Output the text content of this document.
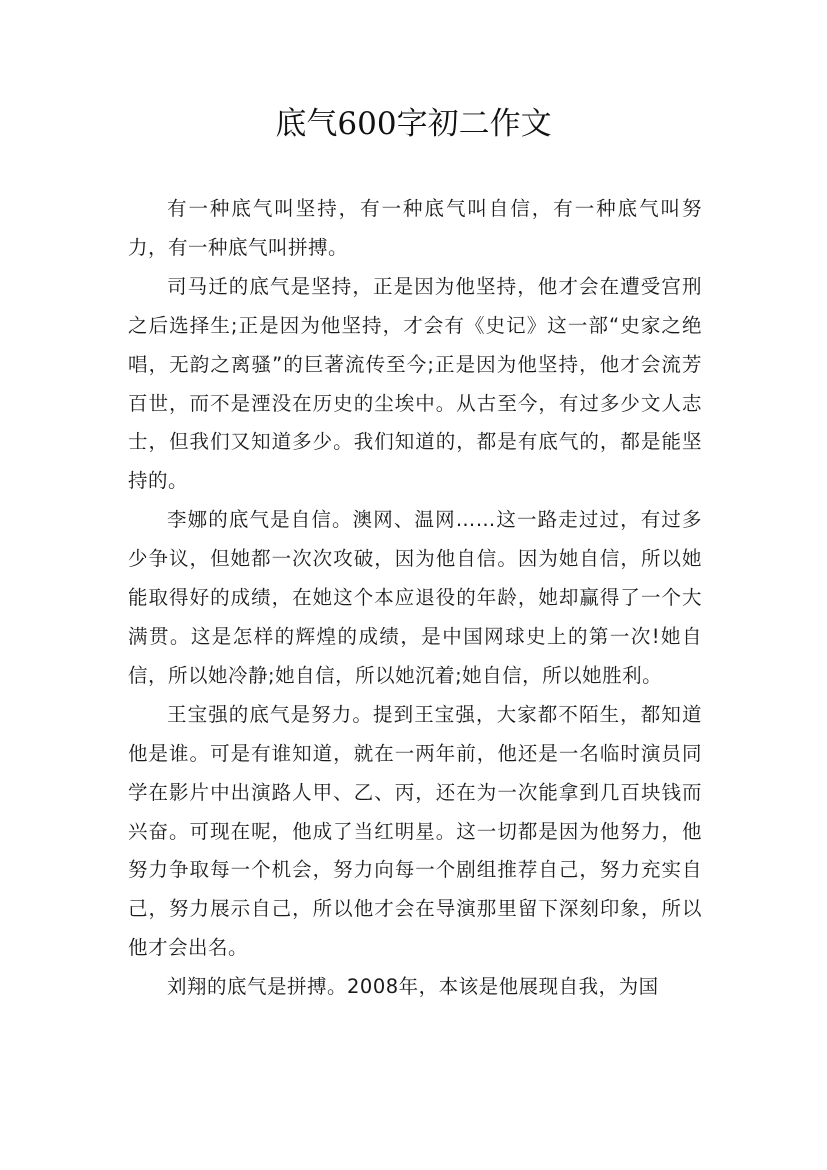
底气600字初二作文

有一种底气叫坚持，有一种底气叫自信，有一种底气叫努力，有一种底气叫拼搏。

司马迁的底气是坚持，正是因为他坚持，他才会在遭受宫刑之后选择生;正是因为他坚持，才会有《史记》这一部“史家之绝唱，无韵之离骚”的巨著流传至今;正是因为他坚持，他才会流芳百世，而不是湮没在历史的尘埃中。从古至今，有过多少文人志士，但我们又知道多少。我们知道的，都是有底气的，都是能坚持的。

李娜的底气是自信。澳网、温网……这一路走过过，有过多少争议，但她都一次次攻破，因为他自信。因为她自信，所以她能取得好的成绩，在她这个本应退役的年龄，她却赢得了一个大满贯。这是怎样的辉煌的成绩，是中国网球史上的第一次!她自信，所以她冷静;她自信，所以她沉着;她自信，所以她胜利。

王宝强的底气是努力。提到王宝强，大家都不陌生，都知道他是谁。可是有谁知道，就在一两年前，他还是一名临时演员同学在影片中出演路人甲、乙、丙，还在为一次能拿到几百块钱而兴奋。可现在呢，他成了当红明星。这一切都是因为他努力，他努力争取每一个机会，努力向每一个剧组推荐自己，努力充实自己，努力展示自己，所以他才会在导演那里留下深刻印象，所以他才会出名。

刘翔的底气是拼搏。2008年，本该是他展现自我，为国
